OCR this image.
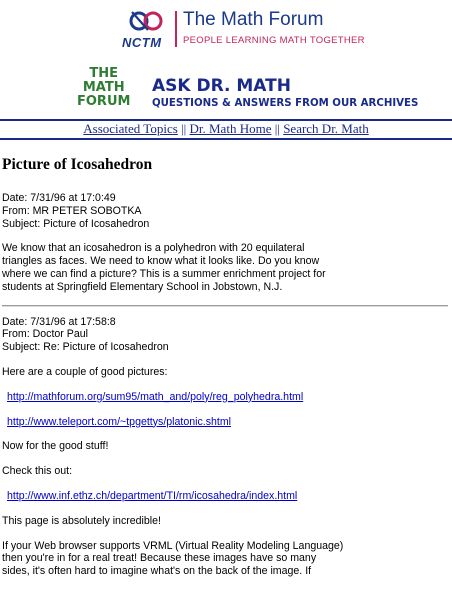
NCTM
The Math Forum
PEOPLE LEARNING MATH TOGETHER
THE
MATH
FORUM
ASK DR. MATH
QUESTIONS & ANSWERS FROM OUR ARCHIVES
Associated Topics || Dr. Math Home || Search Dr. Math
Picture of Icosahedron
Date: 7/31/96 at 17:0:49
From: MR PETER SOBOTKA
Subject: Picture of Icosahedron
We know that an icosahedron is a polyhedron with 20 equilateral
triangles as faces. We need to know what it looks like. Do you know
where we can find a picture? This is a summer enrichment project for
students at Springfield Elementary School in Jobstown, N.J.
Date: 7/31/96 at 17:58:8
From: Doctor Paul
Subject: Re: Picture of Icosahedron
Here are a couple of good pictures:
http://mathforum.org/sum95/math_and/poly/reg_polyhedra.html
http://www.teleport.com/~tpgettys/platonic.shtml
Now for the good stuff!
Check this out:
http://www.inf.ethz.ch/department/TI/rm/icosahedra/index.html
This page is absolutely incredible!
If your Web browser supports VRML (Virtual Reality Modeling Language)
then you're in for a real treat! Because these images have so many
sides, it's often hard to imagine what's on the back of the image. If
